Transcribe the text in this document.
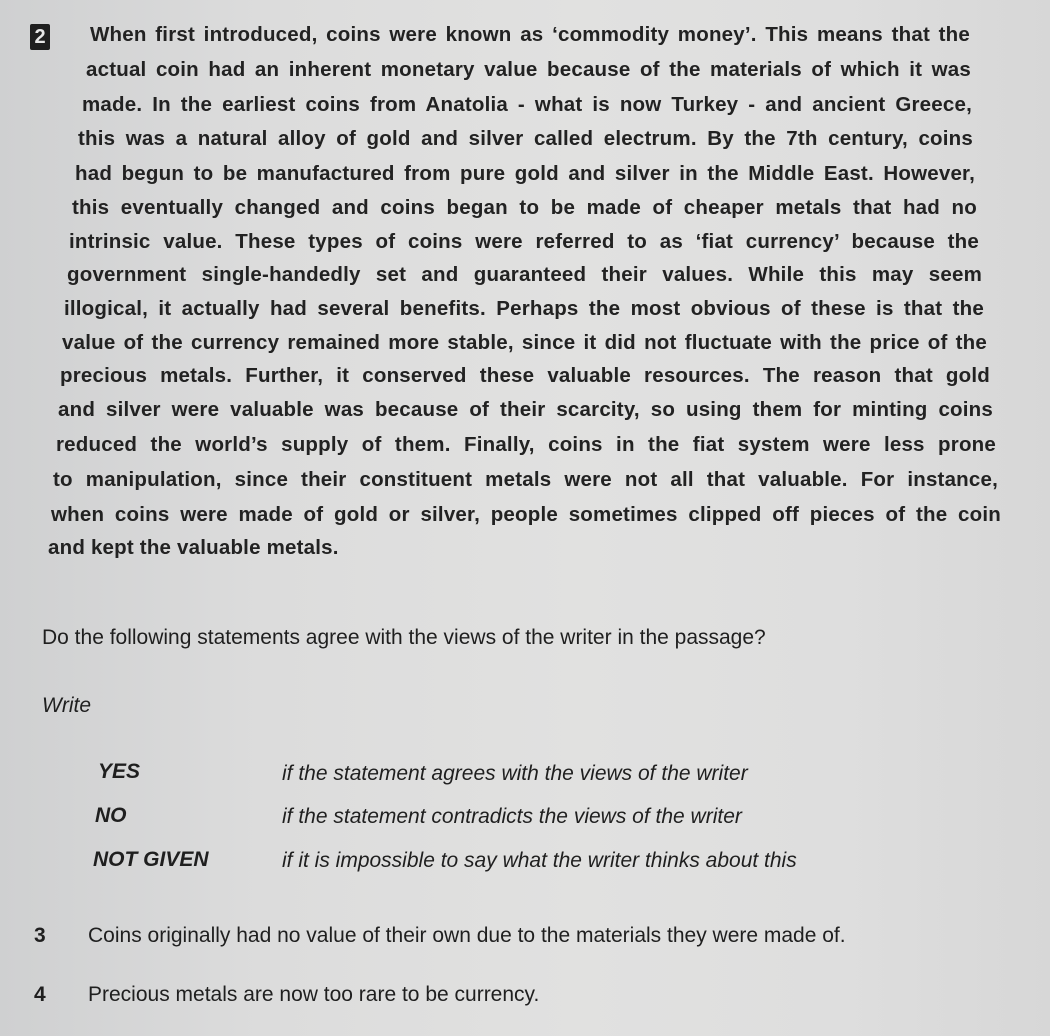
2 When first introduced, coins were known as ‘commodity money’. This means that the
actual coin had an inherent monetary value because of the materials of which it was
made. In the earliest coins from Anatolia - what is now Turkey - and ancient Greece,
this was a natural alloy of gold and silver called electrum. By the 7th century, coins
had begun to be manufactured from pure gold and silver in the Middle East. However,
this eventually changed and coins began to be made of cheaper metals that had no
intrinsic value. These types of coins were referred to as ‘fiat currency’ because the
government single-handedly set and guaranteed their values. While this may seem
illogical, it actually had several benefits. Perhaps the most obvious of these is that the
value of the currency remained more stable, since it did not fluctuate with the price of the
precious metals. Further, it conserved these valuable resources. The reason that gold
and silver were valuable was because of their scarcity, so using them for minting coins
reduced the world’s supply of them. Finally, coins in the fiat system were less prone
to manipulation, since their constituent metals were not all that valuable. For instance,
when coins were made of gold or silver, people sometimes clipped off pieces of the coin
and kept the valuable metals.
Do the following statements agree with the views of the writer in the passage?
Write
YES	if the statement agrees with the views of the writer
NO	if the statement contradicts the views of the writer
NOT GIVEN	if it is impossible to say what the writer thinks about this
3 Coins originally had no value of their own due to the materials they were made of.
4 Precious metals are now too rare to be currency.
